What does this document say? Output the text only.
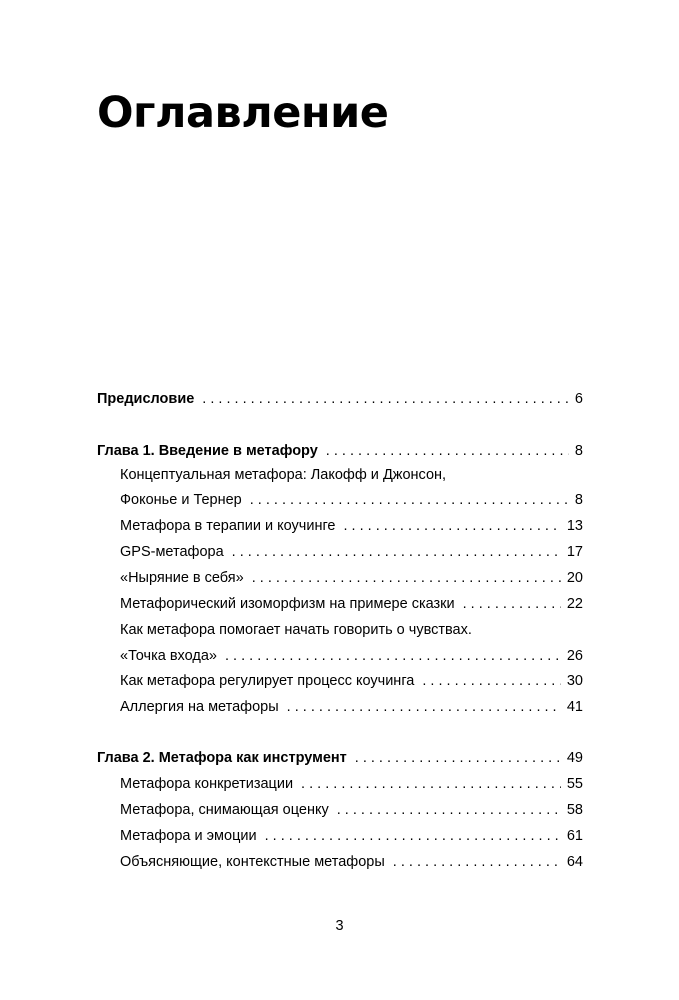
Оглавление
Предисловие . . .	6
Глава 1. Введение в метафору . . .	8
Концептуальная метафора: Лакофф и Джонсон,
Фоконье и Тернер . . .	8
Метафора в терапии и коучинге . . .	13
GPS-метафора . . .	17
«Ныряние в себя» . . .	20
Метафорический изоморфизм на примере сказки . . .	22
Как метафора помогает начать говорить о чувствах.
«Точка входа» . . .	26
Как метафора регулирует процесс коучинга . . .	30
Аллергия на метафоры . . .	41
Глава 2. Метафора как инструмент . . .	49
Метафора конкретизации . . .	55
Метафора, снимающая оценку . . .	58
Метафора и эмоции . . .	61
Объясняющие, контекстные метафоры . . .	64
3
